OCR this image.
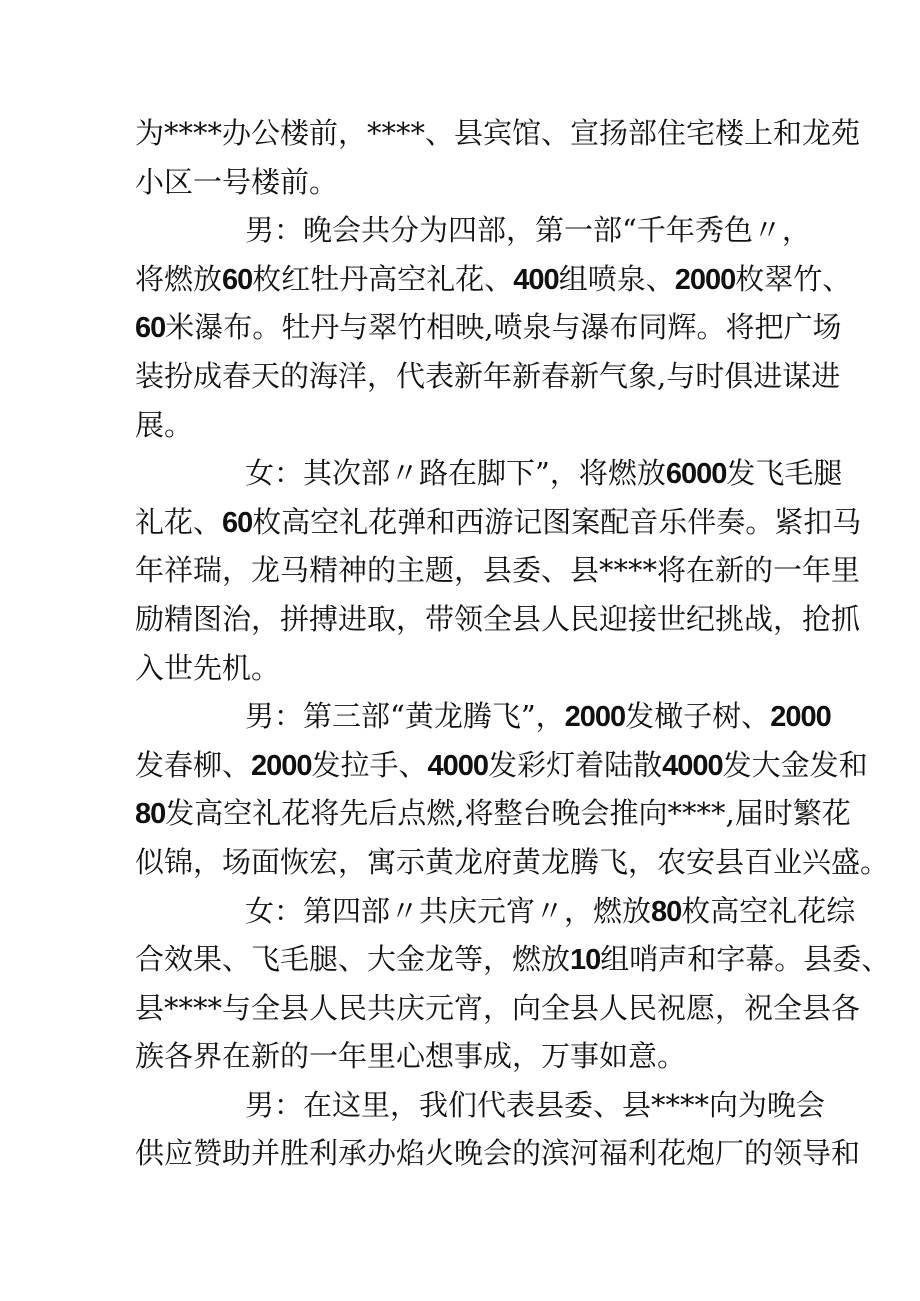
为****办公楼前，****、县宾馆、宣扬部住宅楼上和龙苑
小区一号楼前。
男：晚会共分为四部，第一部“千年秀色〃，
将燃放60枚红牡丹高空礼花、400组喷泉、2000枚翠竹、
60米瀑布。牡丹与翠竹相映,喷泉与瀑布同辉。将把广场
装扮成春天的海洋，代表新年新春新气象,与时俱进谋进
展。
女：其次部〃路在脚下”，将燃放6000发飞毛腿
礼花、60枚高空礼花弹和西游记图案配音乐伴奏。紧扣马
年祥瑞，龙马精神的主题，县委、县****将在新的一年里
励精图治，拼搏进取，带领全县人民迎接世纪挑战，抢抓
入世先机。
男：第三部“黄龙腾飞”，2000发橄子树、2000
发春柳、2000发拉手、4000发彩灯着陆散4000发大金发和
80发高空礼花将先后点燃,将整台晚会推向****,届时繁花
似锦，场面恢宏，寓示黄龙府黄龙腾飞，农安县百业兴盛。
女：第四部〃共庆元宵〃，燃放80枚高空礼花综
合效果、飞毛腿、大金龙等，燃放10组哨声和字幕。县委、
县****与全县人民共庆元宵，向全县人民祝愿，祝全县各
族各界在新的一年里心想事成，万事如意。
男：在这里，我们代表县委、县****向为晚会
供应赞助并胜利承办焰火晚会的滨河福利花炮厂的领导和
